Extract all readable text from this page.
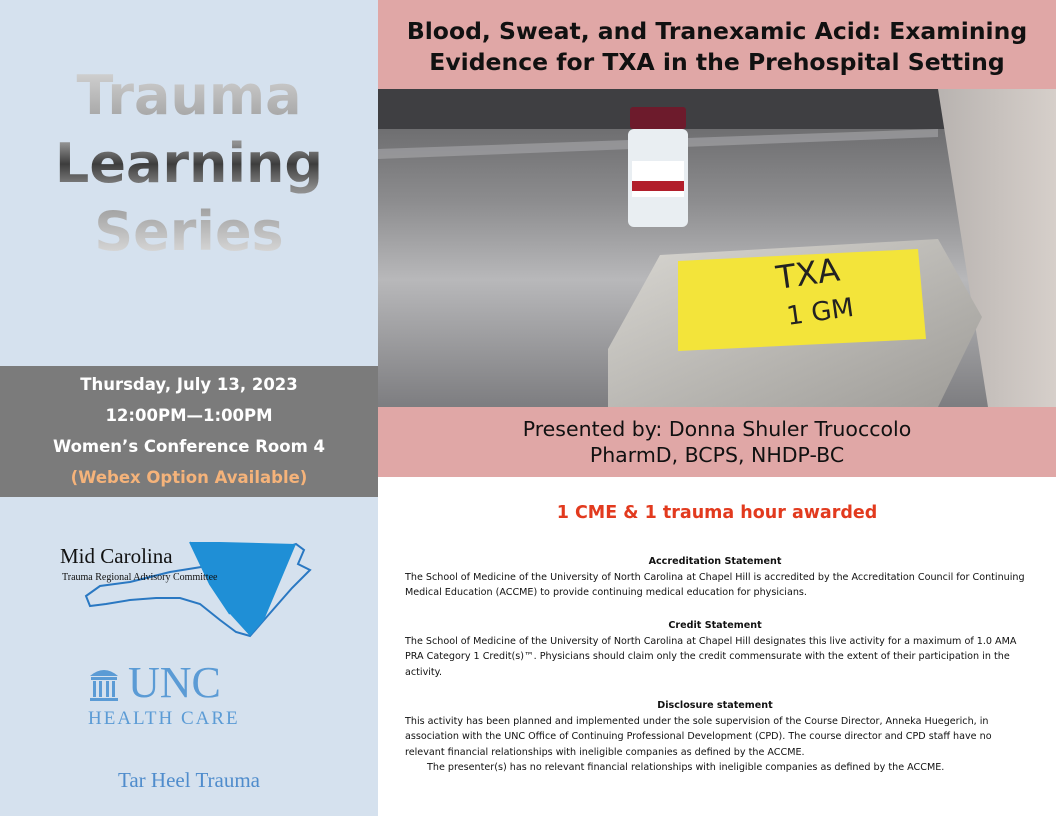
Trauma
Learning
Series
Thursday, July 13, 2023
12:00PM—1:00PM
Women’s Conference Room 4
(Webex Option Available)
Mid Carolina
Trauma Regional Advisory Committee
UNC
HEALTH CARE
Tar Heel Trauma
Blood, Sweat, and Tranexamic Acid: Examining
Evidence for TXA in the Prehospital Setting
TXA
1 GM
Presented by: Donna Shuler Truoccolo
PharmD, BCPS, NHDP-BC
1 CME & 1 trauma hour awarded
Accreditation Statement

The School of Medicine of the University of North Carolina at Chapel Hill is accredited by the Accreditation Council for Continuing Medical Education (ACCME) to provide continuing medical education for physicians.

Credit Statement

The School of Medicine of the University of North Carolina at Chapel Hill designates this live activity for a maximum of 1.0 AMA PRA Category 1 Credit(s)™. Physicians should claim only the credit commensurate with the extent of their participation in the activity.

Disclosure statement

This activity has been planned and implemented under the sole supervision of the Course Director, Anneka Huegerich, in association with the UNC Office of Continuing Professional Development (CPD). The course director and CPD staff have no relevant financial relationships with ineligible companies as defined by the ACCME.

The presenter(s) has no relevant financial relationships with ineligible companies as defined by the ACCME.
